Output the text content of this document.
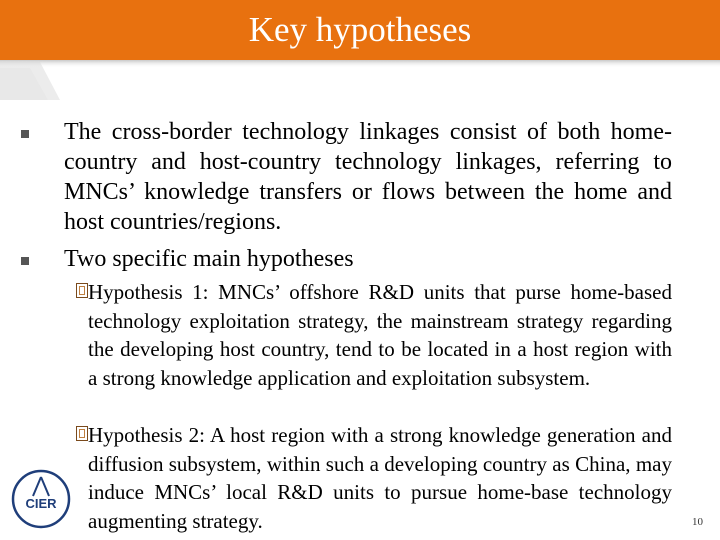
Key hypotheses
The cross-border technology linkages consist of both home-country and host-country technology linkages, referring to MNCs’ knowledge transfers or flows between the home and host countries/regions.
Two specific main hypotheses
Hypothesis 1: MNCs’ offshore R&D units that purse home-based technology exploitation strategy, the mainstream strategy regarding the developing host country, tend to be located in a host region with a strong knowledge application and exploitation subsystem.
Hypothesis 2: A host region with a strong knowledge generation and diffusion subsystem, within such a developing country as China, may induce MNCs’ local R&D units to pursue home-base technology augmenting strategy.
CIER
10
